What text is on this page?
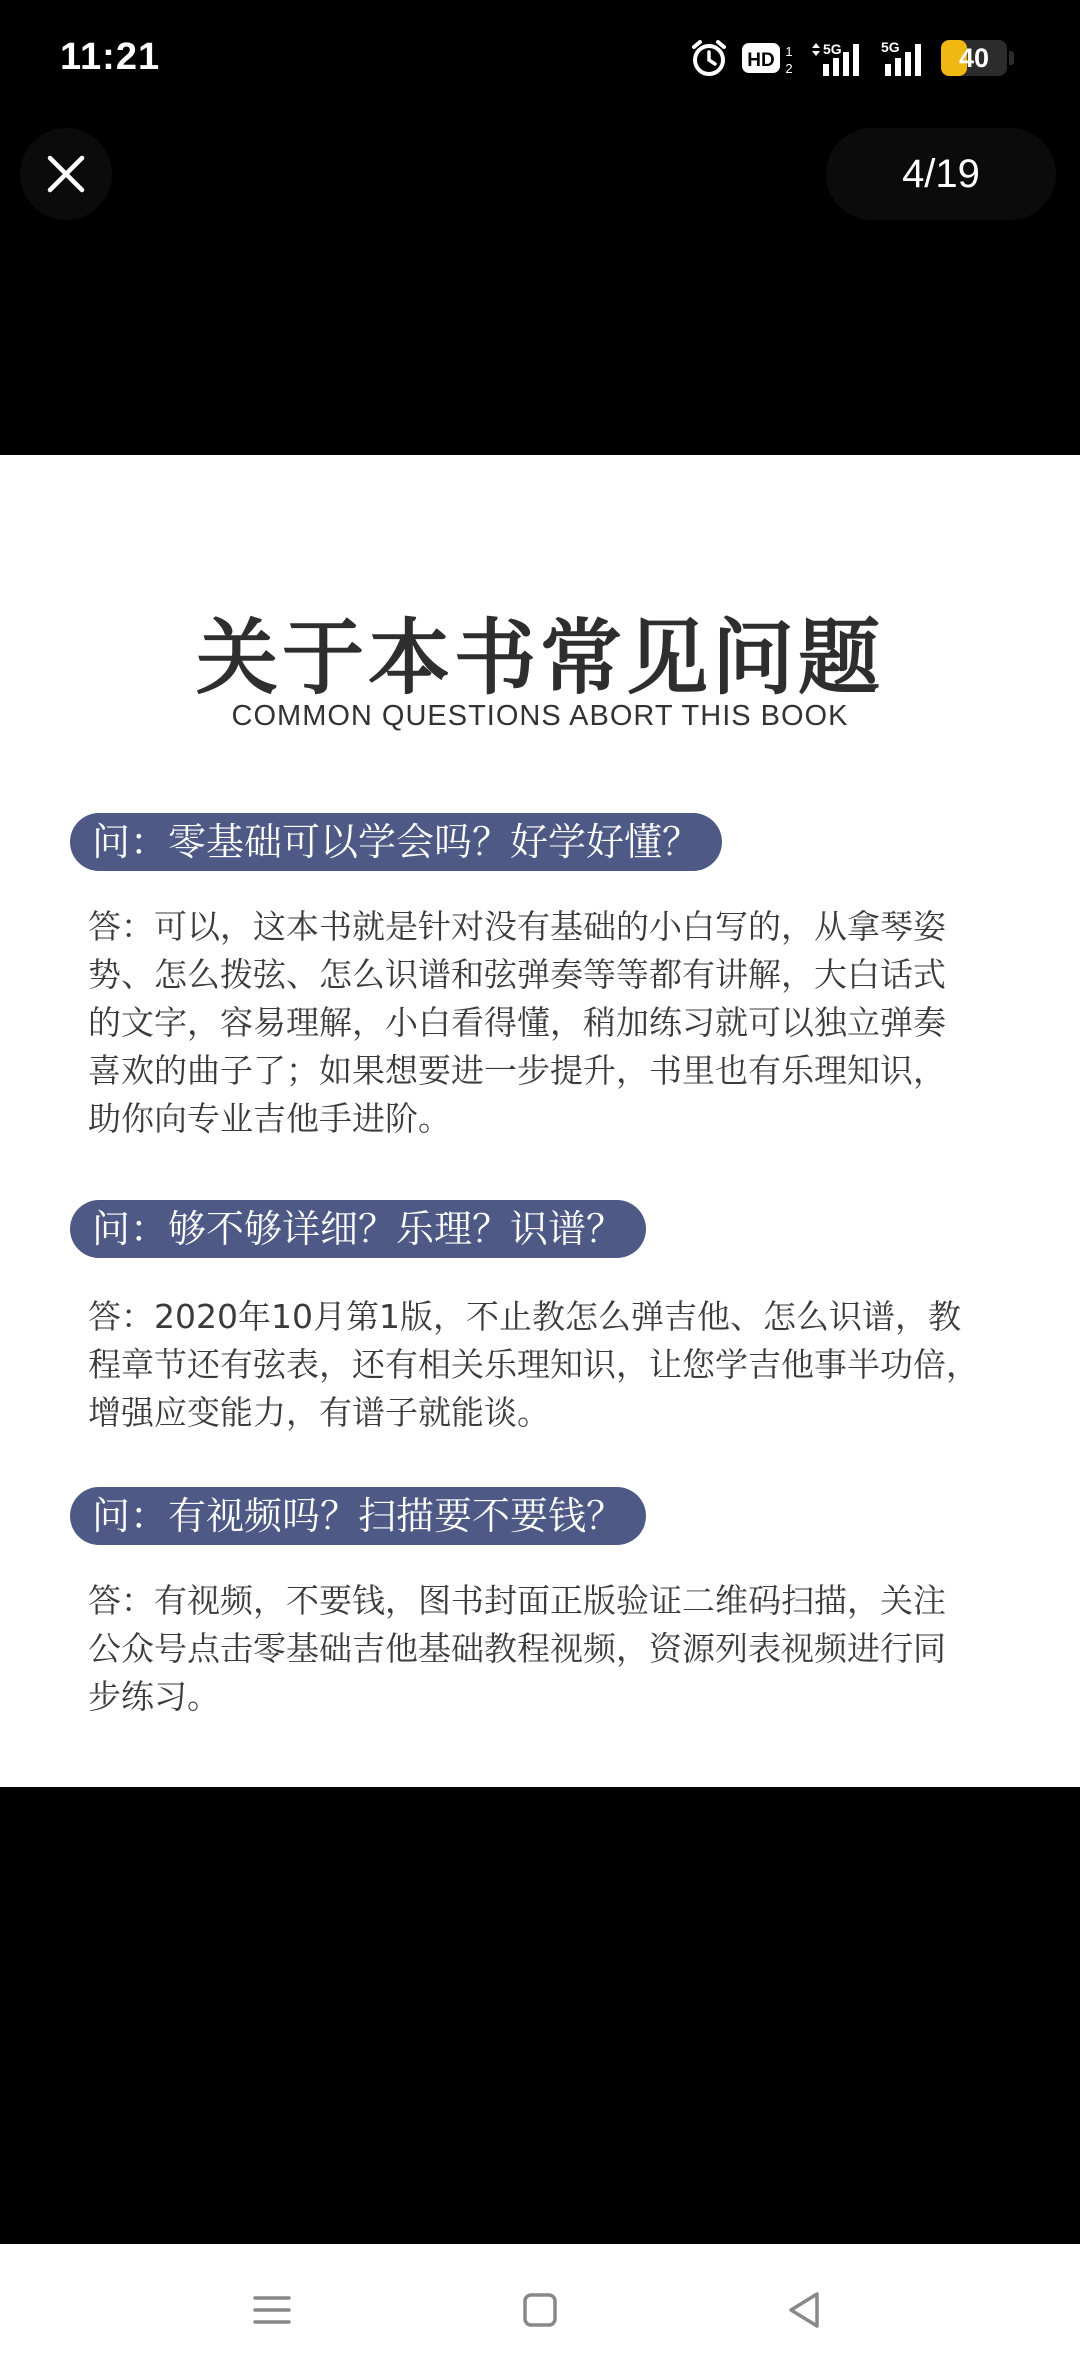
11:21	HD 1
2
5G	5G	40
4/19
关于本书常见问题
COMMON QUESTIONS ABORT THIS BOOK
问：零基础可以学会吗？好学好懂？
答：可以，这本书就是针对没有基础的小白写的，从拿琴姿
势、怎么拨弦、怎么识谱和弦弹奏等等都有讲解，大白话式
的文字，容易理解，小白看得懂，稍加练习就可以独立弹奏
喜欢的曲子了；如果想要进一步提升，书里也有乐理知识，
助你向专业吉他手进阶。
问：够不够详细？乐理？识谱？
答：2020年10月第1版，不止教怎么弹吉他、怎么识谱，教
程章节还有弦表，还有相关乐理知识，让您学吉他事半功倍，
增强应变能力，有谱子就能谈。
问：有视频吗？扫描要不要钱？
答：有视频，不要钱，图书封面正版验证二维码扫描，关注
公众号点击零基础吉他基础教程视频，资源列表视频进行同
步练习。
